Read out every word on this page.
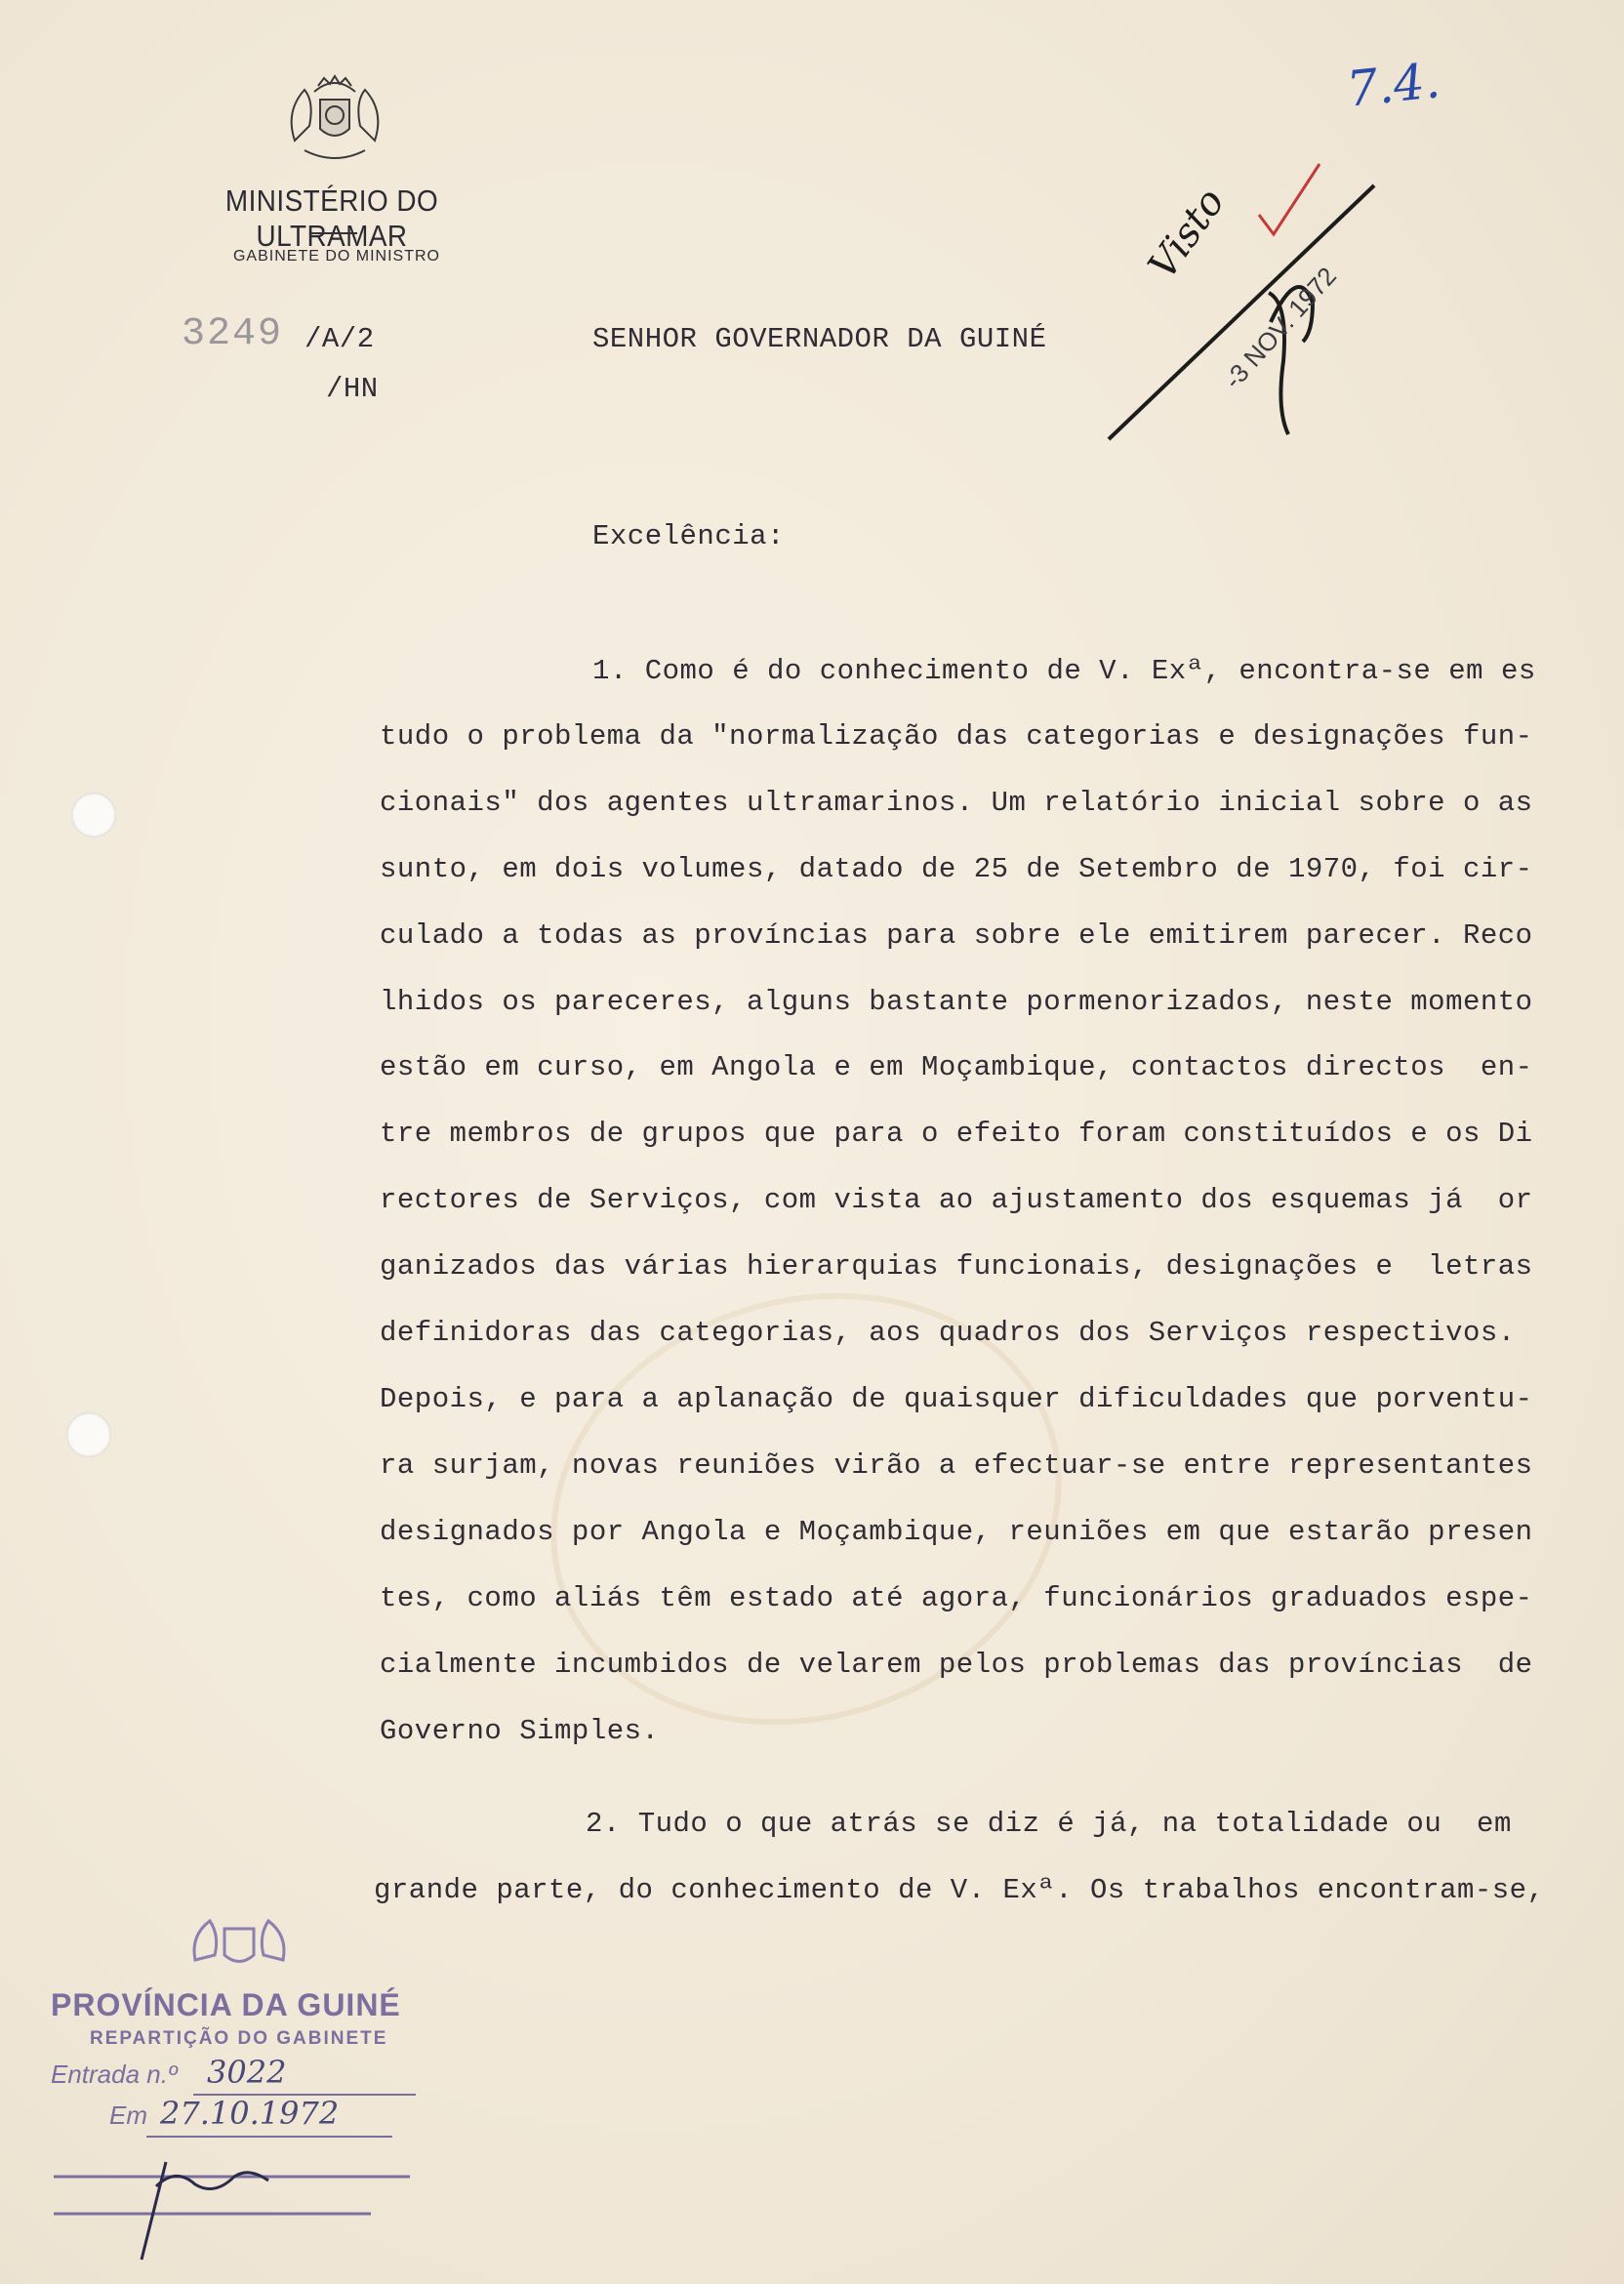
MINISTÉRIO DO ULTRAMAR
GABINETE DO MINISTRO
3249 /A/2
/HN
SENHOR GOVERNADOR DA GUINÉ
7.4.
Visto
-3 NOV. 1972
Excelência:
1. Como é do conhecimento de V. Exª, encontra-se em es
tudo o problema da "normalização das categorias e designações fun-
cionais" dos agentes ultramarinos. Um relatório inicial sobre o as
sunto, em dois volumes, datado de 25 de Setembro de 1970, foi cir-
culado a todas as províncias para sobre ele emitirem parecer. Reco
lhidos os pareceres, alguns bastante pormenorizados, neste momento
estão em curso, em Angola e em Moçambique, contactos directos  en-
tre membros de grupos que para o efeito foram constituídos e os Di
rectores de Serviços, com vista ao ajustamento dos esquemas já  or
ganizados das várias hierarquias funcionais, designações e  letras
definidoras das categorias, aos quadros dos Serviços respectivos.
Depois, e para a aplanação de quaisquer dificuldades que porventu-
ra surjam, novas reuniões virão a efectuar-se entre representantes
designados por Angola e Moçambique, reuniões em que estarão presen
tes, como aliás têm estado até agora, funcionários graduados espe-
cialmente incumbidos de velarem pelos problemas das províncias  de
Governo Simples.
2. Tudo o que atrás se diz é já, na totalidade ou  em
grande parte, do conhecimento de V. Exª. Os trabalhos encontram-se,
PROVÍNCIA DA GUINÉ
REPARTIÇÃO DO GABINETE
Entrada n.º 3022
Em 27.10.1972
